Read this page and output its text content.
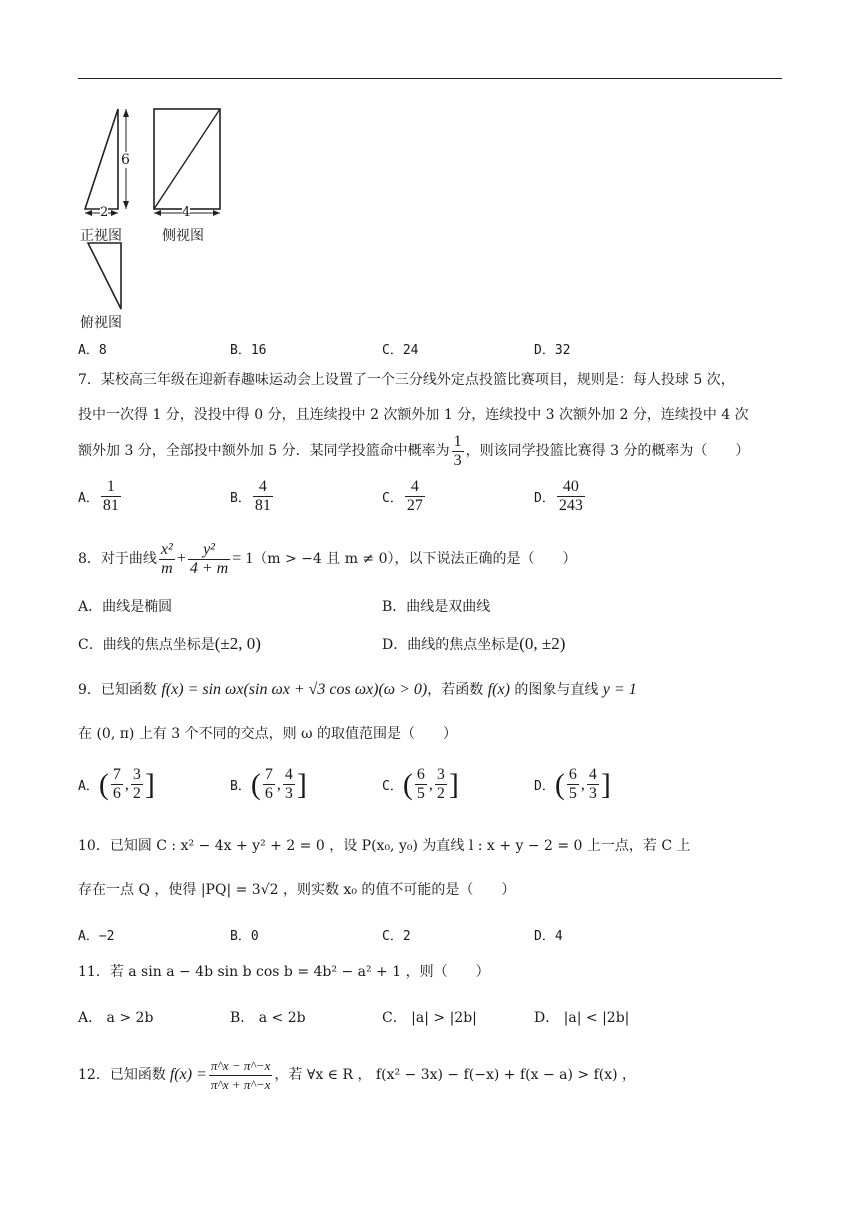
6
2	4
正视图	侧视图
俯视图
A．8	B．16	C．24	D．32
7．某校高三年级在迎新春趣味运动会上设置了一个三分线外定点投篮比赛项目，规则是：每人投球 5 次，
投中一次得 1 分，没投中得 0 分，且连续投中 2 次额外加 1 分，连续投中 3 次额外加 2 分，连续投中 4 次
额外加 3 分，全部投中额外加 5 分．某同学投篮命中概率为 $\frac{1}{3}$ ，则该同学投篮比赛得 3 分的概率为（　　）
A． $\frac{1}{81}$	B． $\frac{4}{81}$	C． $\frac{4}{27}$	D． $\frac{40}{243}$
8．对于曲线 $\frac{\text{x²}}{m} + \frac{\text{y²}}{4 + m} = 1$ （m > −4 且 m ≠ 0），以下说法正确的是（　　）
A．曲线是椭圆	B．曲线是双曲线
C．曲线的焦点坐标是(±2, 0)	D．曲线的焦点坐标是(0, ±2)
9．已知函数 f(x) = sin ωx(sin ωx + √3 cos ωx)(ω > 0)，若函数 f(x) 的图象与直线 y = 1
在 (0, π) 上有 3 个不同的交点，则 ω 的取值范围是（　　）
A． ( $\frac{7}{6}$ , $\frac{3}{2}$ ]	B． ( $\frac{7}{6}$ , $\frac{4}{3}$ ]	C． ( $\frac{6}{5}$ , $\frac{3}{2}$ ]	D． ( $\frac{6}{5}$ , $\frac{4}{3}$ ]
10．已知圆 C : x² − 4x + y² + 2 = 0 ，设 P(x₀, y₀) 为直线 l : x + y − 2 = 0 上一点，若 C 上
存在一点 Q ，使得 |PQ| = 3√2 ，则实数 x₀ 的值不可能的是（　　）
A．−2	B．0	C．2	D．4
11．若 a sin a − 4b sin b cos b = 4b² − a² + 1 ，则（　　）
A． a > 2b	B． a < 2b	C． |a| > |2b|	D． |a| < |2b|
12．已知函数 $f(x) = \frac{\pi\^{}x - \pi\^{}-x}{\pi\^{}x + \pi\^{}-x}$ ，若 ∀x ∈ R ， f(x² − 3x) − f(−x) + f(x − a) > f(x) ，
